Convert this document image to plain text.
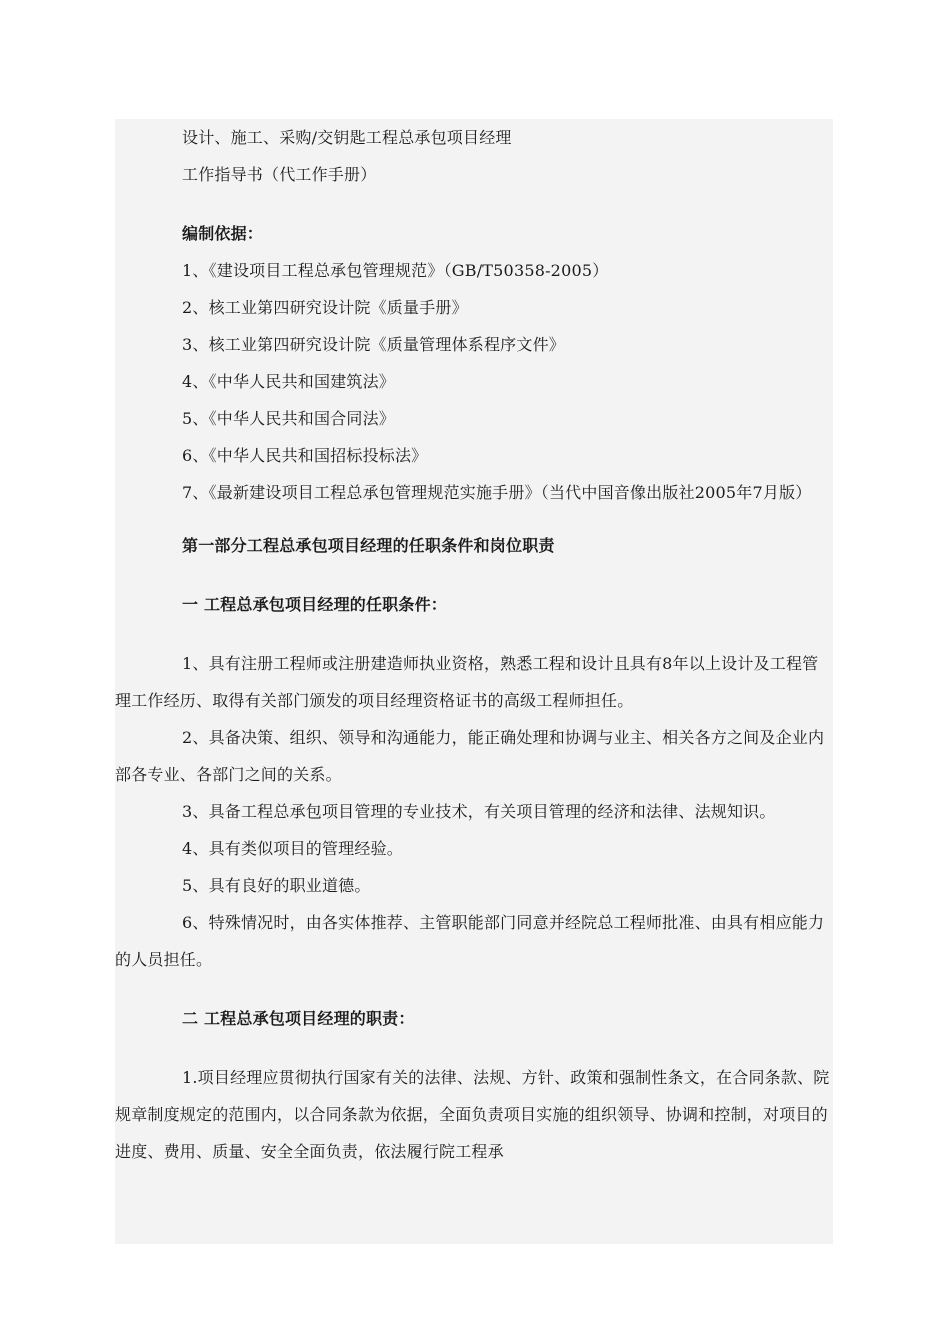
设计、施工、采购/交钥匙工程总承包项目经理

工作指导书（代工作手册）

编制依据：

1、《建设项目工程总承包管理规范》（GB/T50358-2005）

2、核工业第四研究设计院《质量手册》

3、核工业第四研究设计院《质量管理体系程序文件》

4、《中华人民共和国建筑法》

5、《中华人民共和国合同法》

6、《中华人民共和国招标投标法》

7、《最新建设项目工程总承包管理规范实施手册》（当代中国音像出版社2005年7月版）

第一部分工程总承包项目经理的任职条件和岗位职责

一 工程总承包项目经理的任职条件：

1、具有注册工程师或注册建造师执业资格，熟悉工程和设计且具有8年以上设计及工程管理工作经历、取得有关部门颁发的项目经理资格证书的高级工程师担任。

2、具备决策、组织、领导和沟通能力，能正确处理和协调与业主、相关各方之间及企业内部各专业、各部门之间的关系。

3、具备工程总承包项目管理的专业技术，有关项目管理的经济和法律、法规知识。

4、具有类似项目的管理经验。

5、具有良好的职业道德。

6、特殊情况时，由各实体推荐、主管职能部门同意并经院总工程师批准、由具有相应能力的人员担任。

二 工程总承包项目经理的职责：

1.项目经理应贯彻执行国家有关的法律、法规、方针、政策和强制性条文，在合同条款、院规章制度规定的范围内，以合同条款为依据，全面负责项目实施的组织领导、协调和控制，对项目的进度、费用、质量、安全全面负责，依法履行院工程承
